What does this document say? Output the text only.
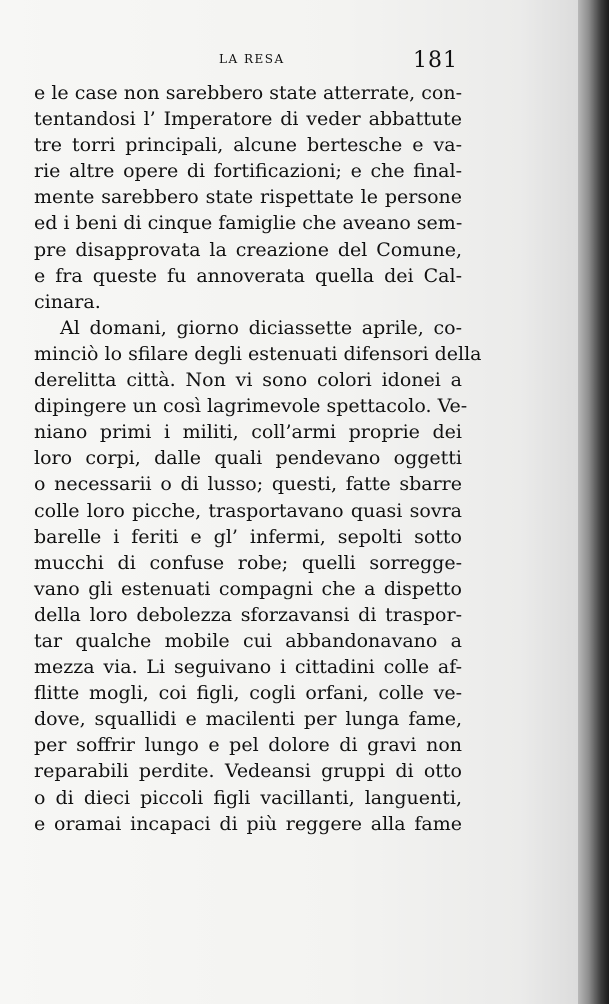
LA RESA	181
e le case non sarebbero state atterrate, con-
tentandosi l’ Imperatore di veder abbattute
tre torri principali, alcune bertesche e va-
rie altre opere di fortificazioni; e che final-
mente sarebbero state rispettate le persone
ed i beni di cinque famiglie che aveano sem-
pre disapprovata la creazione del Comune,
e fra queste fu annoverata quella dei Cal-
cinara.
Al domani, giorno diciassette aprile, co-
minciò lo sfilare degli estenuati difensori della
derelitta città. Non vi sono colori idonei a
dipingere un così lagrimevole spettacolo. Ve-
niano primi i militi, coll’armi proprie dei
loro corpi, dalle quali pendevano oggetti
o necessarii o di lusso; questi, fatte sbarre
colle loro picche, trasportavano quasi sovra
barelle i feriti e gl’ infermi, sepolti sotto
mucchi di confuse robe; quelli sorregge-
vano gli estenuati compagni che a dispetto
della loro debolezza sforzavansi di traspor-
tar qualche mobile cui abbandonavano a
mezza via. Li seguivano i cittadini colle af-
flitte mogli, coi figli, cogli orfani, colle ve-
dove, squallidi e macilenti per lunga fame,
per soffrir lungo e pel dolore di gravi non
reparabili perdite. Vedeansi gruppi di otto
o di dieci piccoli figli vacillanti, languenti,
e oramai incapaci di più reggere alla fame
